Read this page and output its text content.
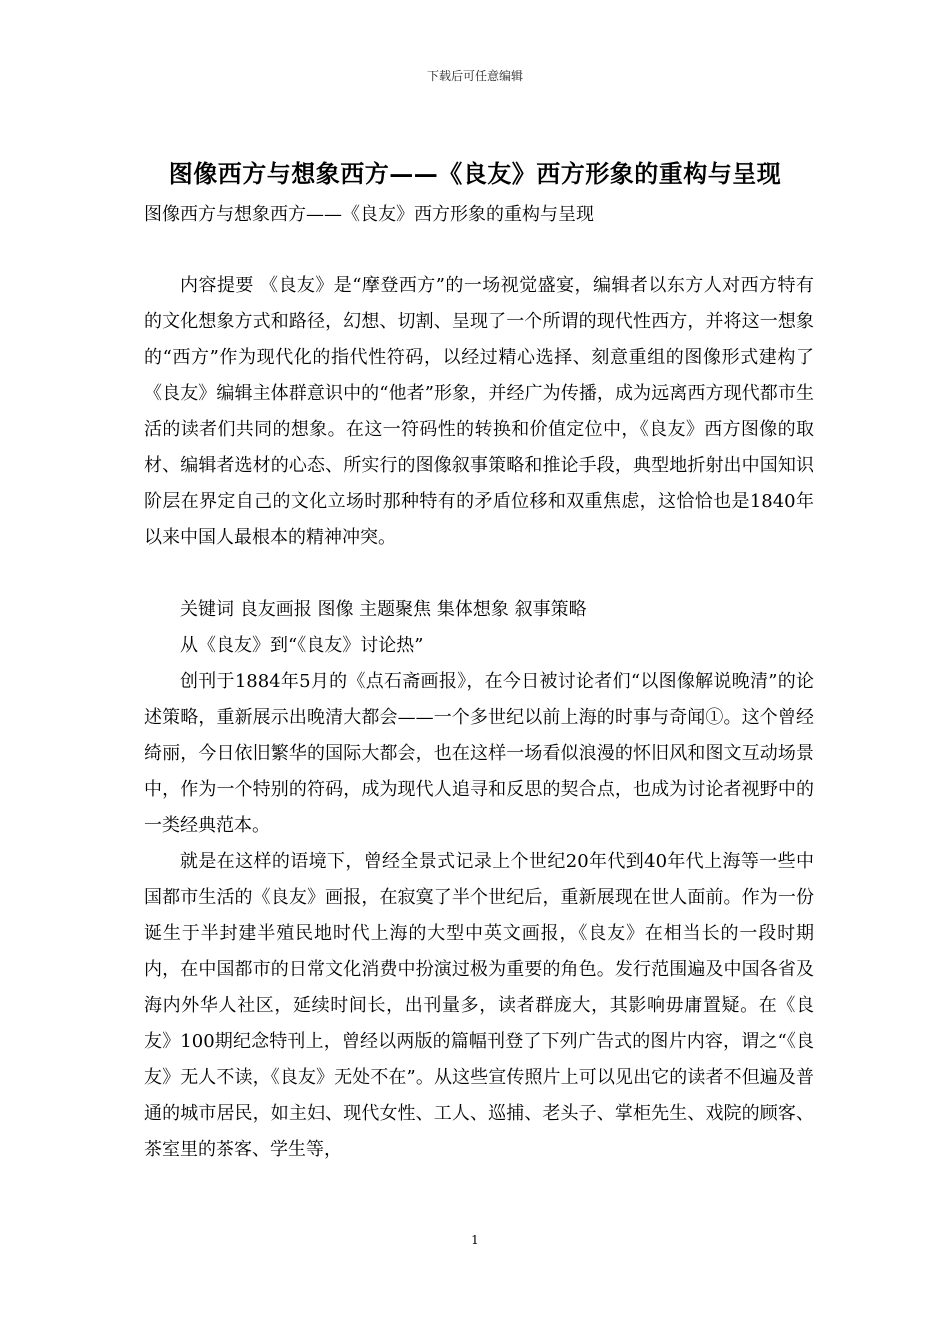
下载后可任意编辑
图像西方与想象西方——《良友》西方形象的重构与呈现
图像西方与想象西方——《良友》西方形象的重构与呈现

内容提要 《良友》是“摩登西方”的一场视觉盛宴，编辑者以东方人对西方特有的文化想象方式和路径，幻想、切割、呈现了一个所谓的现代性西方，并将这一想象的“西方”作为现代化的指代性符码，以经过精心选择、刻意重组的图像形式建构了《良友》编辑主体群意识中的“他者”形象，并经广为传播，成为远离西方现代都市生活的读者们共同的想象。在这一符码性的转换和价值定位中，《良友》西方图像的取材、编辑者选材的心态、所实行的图像叙事策略和推论手段，典型地折射出中国知识阶层在界定自己的文化立场时那种特有的矛盾位移和双重焦虑，这恰恰也是1840年以来中国人最根本的精神冲突。

关键词 良友画报 图像 主题聚焦 集体想象 叙事策略

从《良友》到“《良友》讨论热”

创刊于1884年5月的《点石斋画报》，在今日被讨论者们“以图像解说晚清”的论述策略，重新展示出晚清大都会——一个多世纪以前上海的时事与奇闻①。这个曾经绮丽，今日依旧繁华的国际大都会，也在这样一场看似浪漫的怀旧风和图文互动场景中，作为一个特别的符码，成为现代人追寻和反思的契合点，也成为讨论者视野中的一类经典范本。

就是在这样的语境下，曾经全景式记录上个世纪20年代到40年代上海等一些中国都市生活的《良友》画报，在寂寞了半个世纪后，重新展现在世人面前。作为一份诞生于半封建半殖民地时代上海的大型中英文画报，《良友》在相当长的一段时期内，在中国都市的日常文化消费中扮演过极为重要的角色。发行范围遍及中国各省及海内外华人社区，延续时间长，出刊量多，读者群庞大，其影响毋庸置疑。在《良友》100期纪念特刊上，曾经以两版的篇幅刊登了下列广告式的图片内容，谓之“《良友》无人不读，《良友》无处不在”。从这些宣传照片上可以见出它的读者不但遍及普通的城市居民，如主妇、现代女性、工人、巡捕、老头子、掌柜先生、戏院的顾客、茶室里的茶客、学生等，

1
